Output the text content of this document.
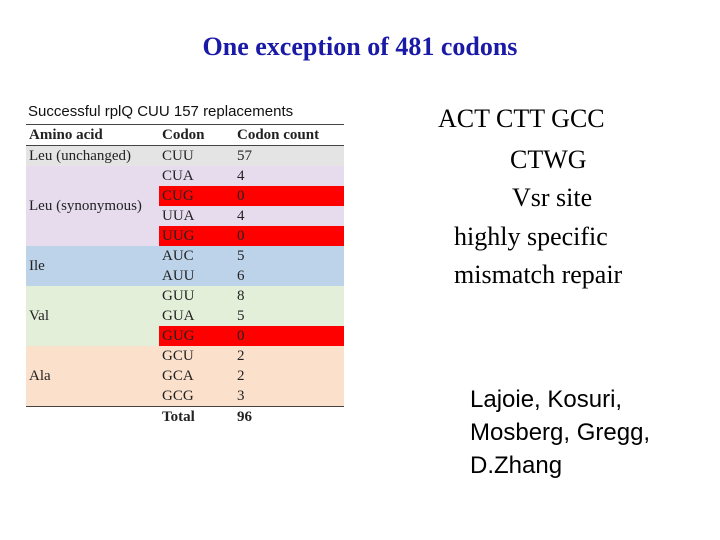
One exception of 481 codons
Successful rplQ CUU 157 replacements
Amino acid	Codon	Codon count
Leu (unchanged)	CUU	57
Leu (synonymous)	CUA	4
	CUG	0
	UUA	4
	UUG	0
Ile	AUC	5
	AUU	6
Val	GUU	8
	GUA	5
	GUG	0
Ala	GCU	2
	GCA	2
	GCG	3
	Total	96
ACT CTT GCC
CTWG
Vsr site
highly specific
mismatch repair
Lajoie, Kosuri,
Mosberg, Gregg,
D.Zhang
